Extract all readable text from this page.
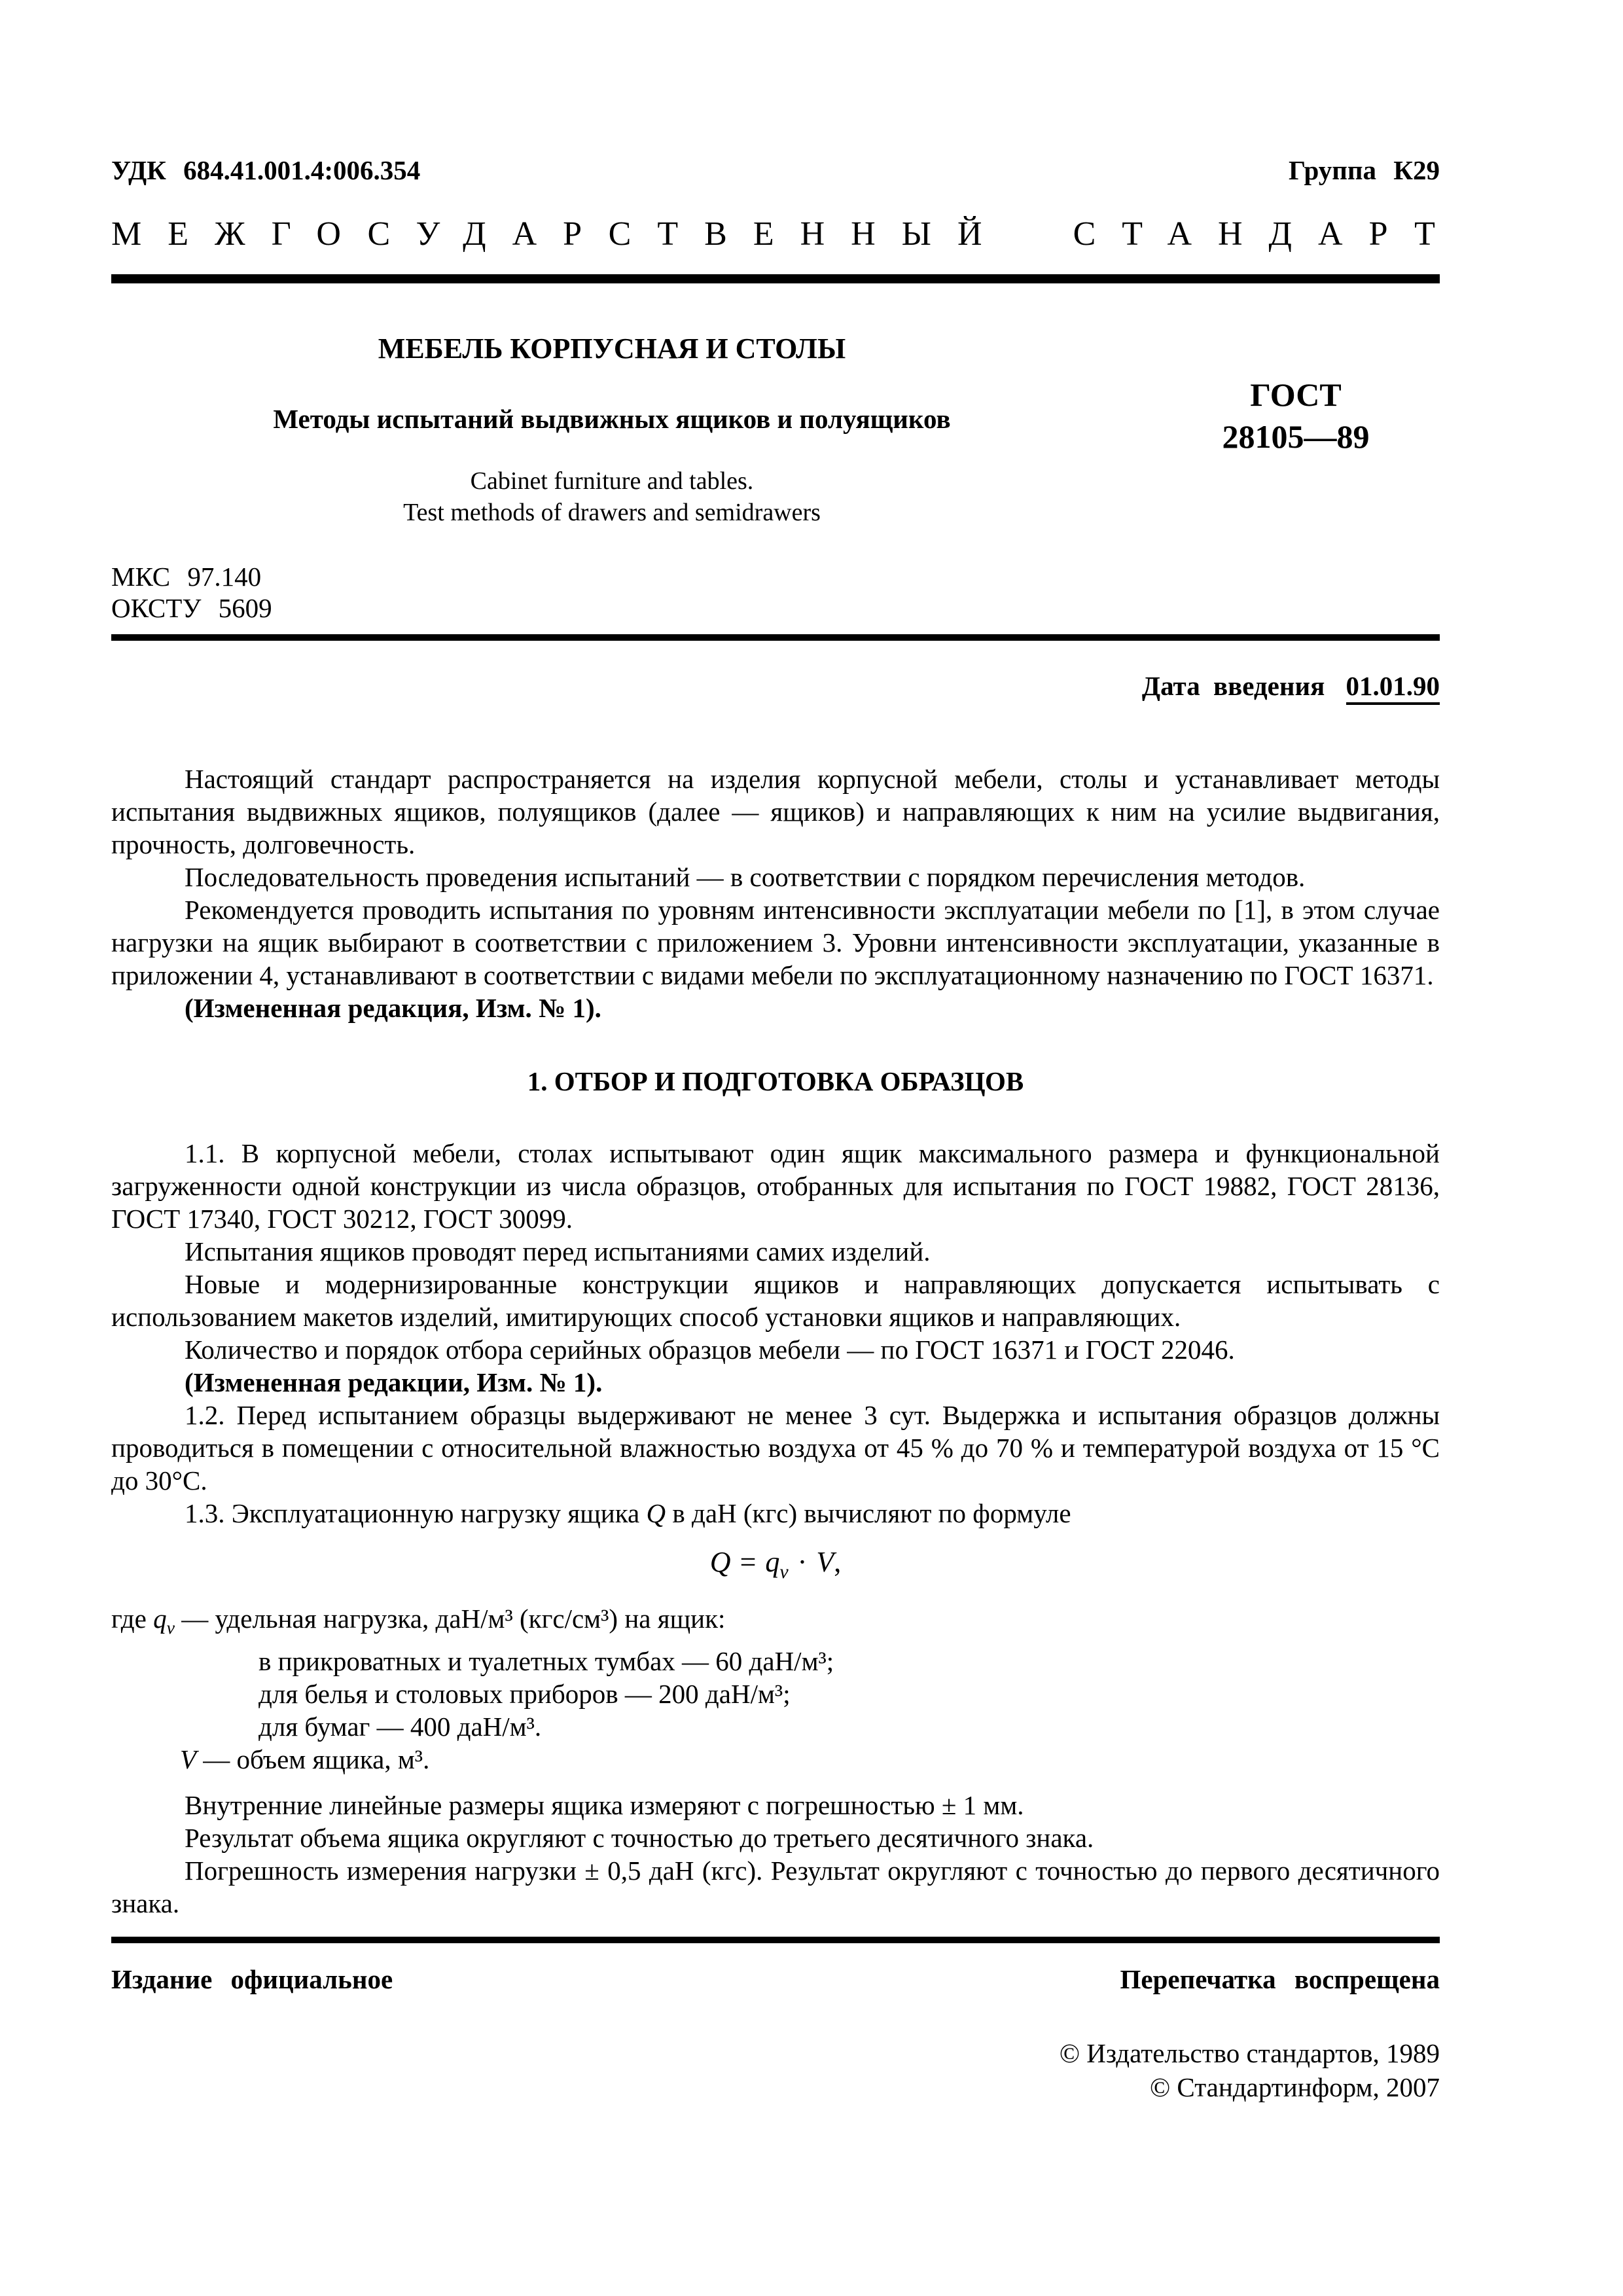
УДК 684.41.001.4:006.354	Группа К29
МЕЖГОСУДАРСТВЕННЫЙ СТАНДАРТ
МЕБЕЛЬ КОРПУСНАЯ И СТОЛЫ
Методы испытаний выдвижных ящиков и полуящиков
Cabinet furniture and tables.
Test methods of drawers and semidrawers
ГОСТ
28105—89
МКС 97.140
ОКСТУ 5609
Дата введения 01.01.90

Настоящий стандарт распространяется на изделия корпусной мебели, столы и устанавливает методы испытания выдвижных ящиков, полуящиков (далее — ящиков) и направляющих к ним на усилие выдвигания, прочность, долговечность.

Последовательность проведения испытаний — в соответствии с порядком перечисления методов.

Рекомендуется проводить испытания по уровням интенсивности эксплуатации мебели по [1], в этом случае нагрузки на ящик выбирают в соответствии с приложением 3. Уровни интенсивности эксплуатации, указанные в приложении 4, устанавливают в соответствии с видами мебели по эксплуатационному назначению по ГОСТ 16371.

(Измененная редакция, Изм. № 1).

1. ОТБОР И ПОДГОТОВКА ОБРАЗЦОВ

1.1. В корпусной мебели, столах испытывают один ящик максимального размера и функциональной загруженности одной конструкции из числа образцов, отобранных для испытания по ГОСТ 19882, ГОСТ 28136, ГОСТ 17340, ГОСТ 30212, ГОСТ 30099.

Испытания ящиков проводят перед испытаниями самих изделий.

Новые и модернизированные конструкции ящиков и направляющих допускается испытывать с использованием макетов изделий, имитирующих способ установки ящиков и направляющих.

Количество и порядок отбора серийных образцов мебели — по ГОСТ 16371 и ГОСТ 22046.

(Измененная редакции, Изм. № 1).

1.2. Перед испытанием образцы выдерживают не менее 3 сут. Выдержка и испытания образцов должны проводиться в помещении с относительной влажностью воздуха от 45 % до 70 % и температурой воздуха от 15 °С до 30°С.

1.3. Эксплуатационную нагрузку ящика Q в даН (кгс) вычисляют по формуле

$Q = q_v \cdot V$,
где $q_v$ — удельная нагрузка, даН/м³ (кгс/см³) на ящик:
в прикроватных и туалетных тумбах — 60 даН/м³;
для белья и столовых приборов — 200 даН/м³;
для бумаг — 400 даН/м³.
V — объем ящика, м³.

Внутренние линейные размеры ящика измеряют с погрешностью ± 1 мм.

Результат объема ящика округляют с точностью до третьего десятичного знака.

Погрешность измерения нагрузки ± 0,5 даН (кгс). Результат округляют с точностью до первого десятичного знака.

Издание официальное	Перепечатка воспрещена
© Издательство стандартов, 1989
© Стандартинформ, 2007
